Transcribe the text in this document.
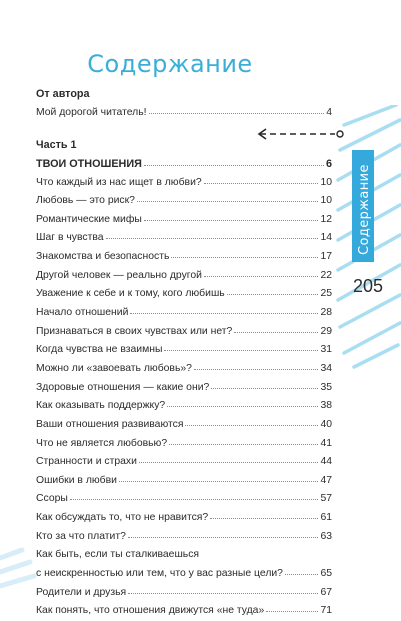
Содержание
От автора
Мой дорогой читатель!	4
Часть 1
ТВОИ ОТНОШЕНИЯ	6
Что каждый из нас ищет в любви?	10
Любовь — это риск?	10
Романтические мифы	12
Шаг в чувства	14
Знакомства и безопасность	17
Другой человек — реально другой	22
Уважение к себе и к тому, кого любишь	25
Начало отношений	28
Признаваться в своих чувствах или нет?	29
Когда чувства не взаимны	31
Можно ли «завоевать любовь»?	34
Здоровые отношения — какие они?	35
Как оказывать поддержку?	38
Ваши отношения развиваются	40
Что не является любовью?	41
Странности и страхи	44
Ошибки в любви	47
Ссоры	57
Как обсуждать то, что не нравится?	61
Кто за что платит?	63
Как быть, если ты сталкиваешься
с неискренностью или тем, что у вас разные цели?	65
Родители и друзья	67
Как понять, что отношения движутся «не туда»	71
Содержание
205
